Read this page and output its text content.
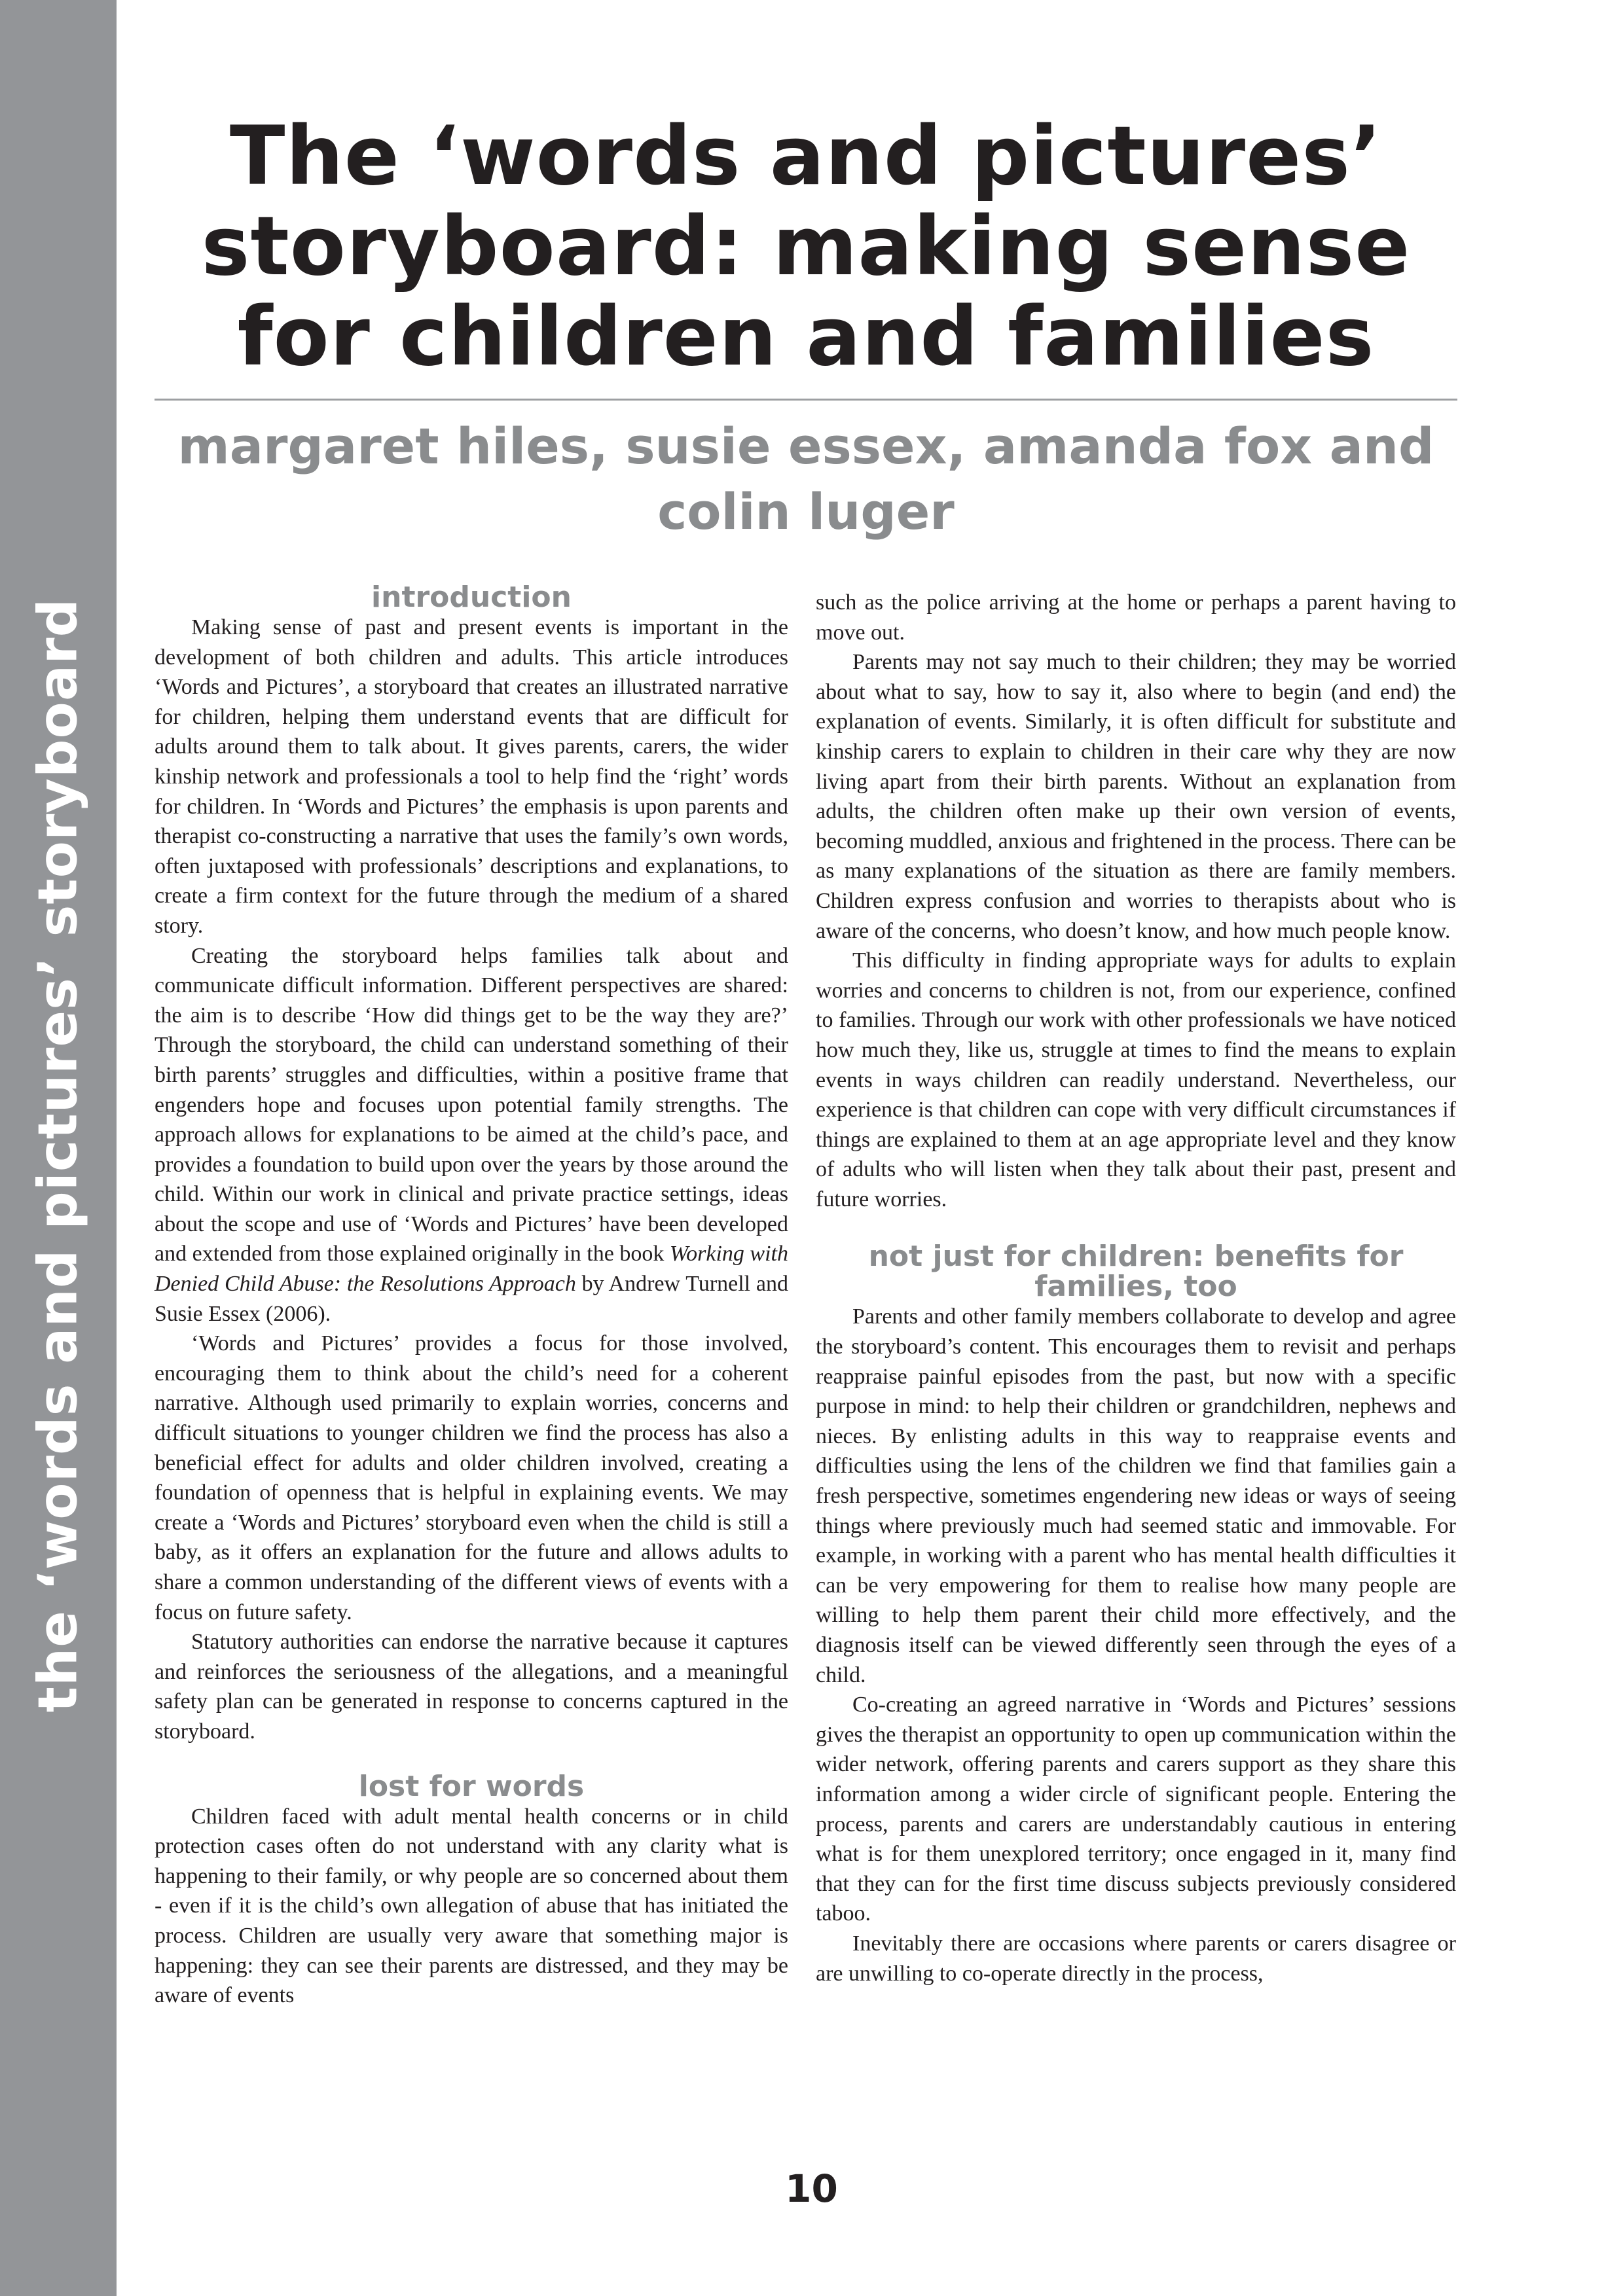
the ‘words and pictures’ storyboard
The ‘words and pictures’ storyboard: making sense for children and families
margaret hiles, susie essex, amanda fox and colin luger
introduction

Making sense of past and present events is important in the development of both children and adults. This article introduces ‘Words and Pictures’, a storyboard that creates an illustrated narrative for children, helping them understand events that are difficult for adults around them to talk about. It gives parents, carers, the wider kinship network and professionals a tool to help find the ‘right’ words for children. In ‘Words and Pictures’ the emphasis is upon parents and therapist co-constructing a narrative that uses the family’s own words, often juxtaposed with professionals’ descriptions and explanations, to create a firm context for the future through the medium of a shared story.

Creating the storyboard helps families talk about and communicate difficult information. Different perspectives are shared: the aim is to describe ‘How did things get to be the way they are?’ Through the storyboard, the child can understand something of their birth parents’ struggles and difficulties, within a positive frame that engenders hope and focuses upon potential family strengths. The approach allows for explanations to be aimed at the child’s pace, and provides a foundation to build upon over the years by those around the child. Within our work in clinical and private practice settings, ideas about the scope and use of ‘Words and Pictures’ have been developed and extended from those explained originally in the book Working with Denied Child Abuse: the Resolutions Approach by Andrew Turnell and Susie Essex (2006).

‘Words and Pictures’ provides a focus for those involved, encouraging them to think about the child’s need for a coherent narrative. Although used primarily to explain worries, concerns and difficult situations to younger children we find the process has also a beneficial effect for adults and older children involved, creating a foundation of openness that is helpful in explaining events. We may create a ‘Words and Pictures’ storyboard even when the child is still a baby, as it offers an explanation for the future and allows adults to share a common understanding of the different views of events with a focus on future safety.

Statutory authorities can endorse the narrative because it captures and reinforces the seriousness of the allegations, and a meaningful safety plan can be generated in response to concerns captured in the storyboard.

lost for words

Children faced with adult mental health concerns or in child protection cases often do not understand with any clarity what is happening to their family, or why people are so concerned about them - even if it is the child’s own allegation of abuse that has initiated the process. Children are usually very aware that something major is happening: they can see their parents are distressed, and they may be aware of events

such as the police arriving at the home or perhaps a parent having to move out.

Parents may not say much to their children; they may be worried about what to say, how to say it, also where to begin (and end) the explanation of events. Similarly, it is often difficult for substitute and kinship carers to explain to children in their care why they are now living apart from their birth parents. Without an explanation from adults, the children often make up their own version of events, becoming muddled, anxious and frightened in the process. There can be as many explanations of the situation as there are family members. Children express confusion and worries to therapists about who is aware of the concerns, who doesn’t know, and how much people know.

This difficulty in finding appropriate ways for adults to explain worries and concerns to children is not, from our experience, confined to families. Through our work with other professionals we have noticed how much they, like us, struggle at times to find the means to explain events in ways children can readily understand. Nevertheless, our experience is that children can cope with very difficult circumstances if things are explained to them at an age appropriate level and they know of adults who will listen when they talk about their past, present and future worries.

not just for children: benefits for families, too

Parents and other family members collaborate to develop and agree the storyboard’s content. This encourages them to revisit and perhaps reappraise painful episodes from the past, but now with a specific purpose in mind: to help their children or grandchildren, nephews and nieces. By enlisting adults in this way to reappraise events and difficulties using the lens of the children we find that families gain a fresh perspective, sometimes engendering new ideas or ways of seeing things where previously much had seemed static and immovable. For example, in working with a parent who has mental health difficulties it can be very empowering for them to realise how many people are willing to help them parent their child more effectively, and the diagnosis itself can be viewed differently seen through the eyes of a child.

Co-creating an agreed narrative in ‘Words and Pictures’ sessions gives the therapist an opportunity to open up communication within the wider network, offering parents and carers support as they share this information among a wider circle of significant people. Entering the process, parents and carers are understandably cautious in entering what is for them unexplored territory; once engaged in it, many find that they can for the first time discuss subjects previously considered taboo.

Inevitably there are occasions where parents or carers disagree or are unwilling to co-operate directly in the process,

10
